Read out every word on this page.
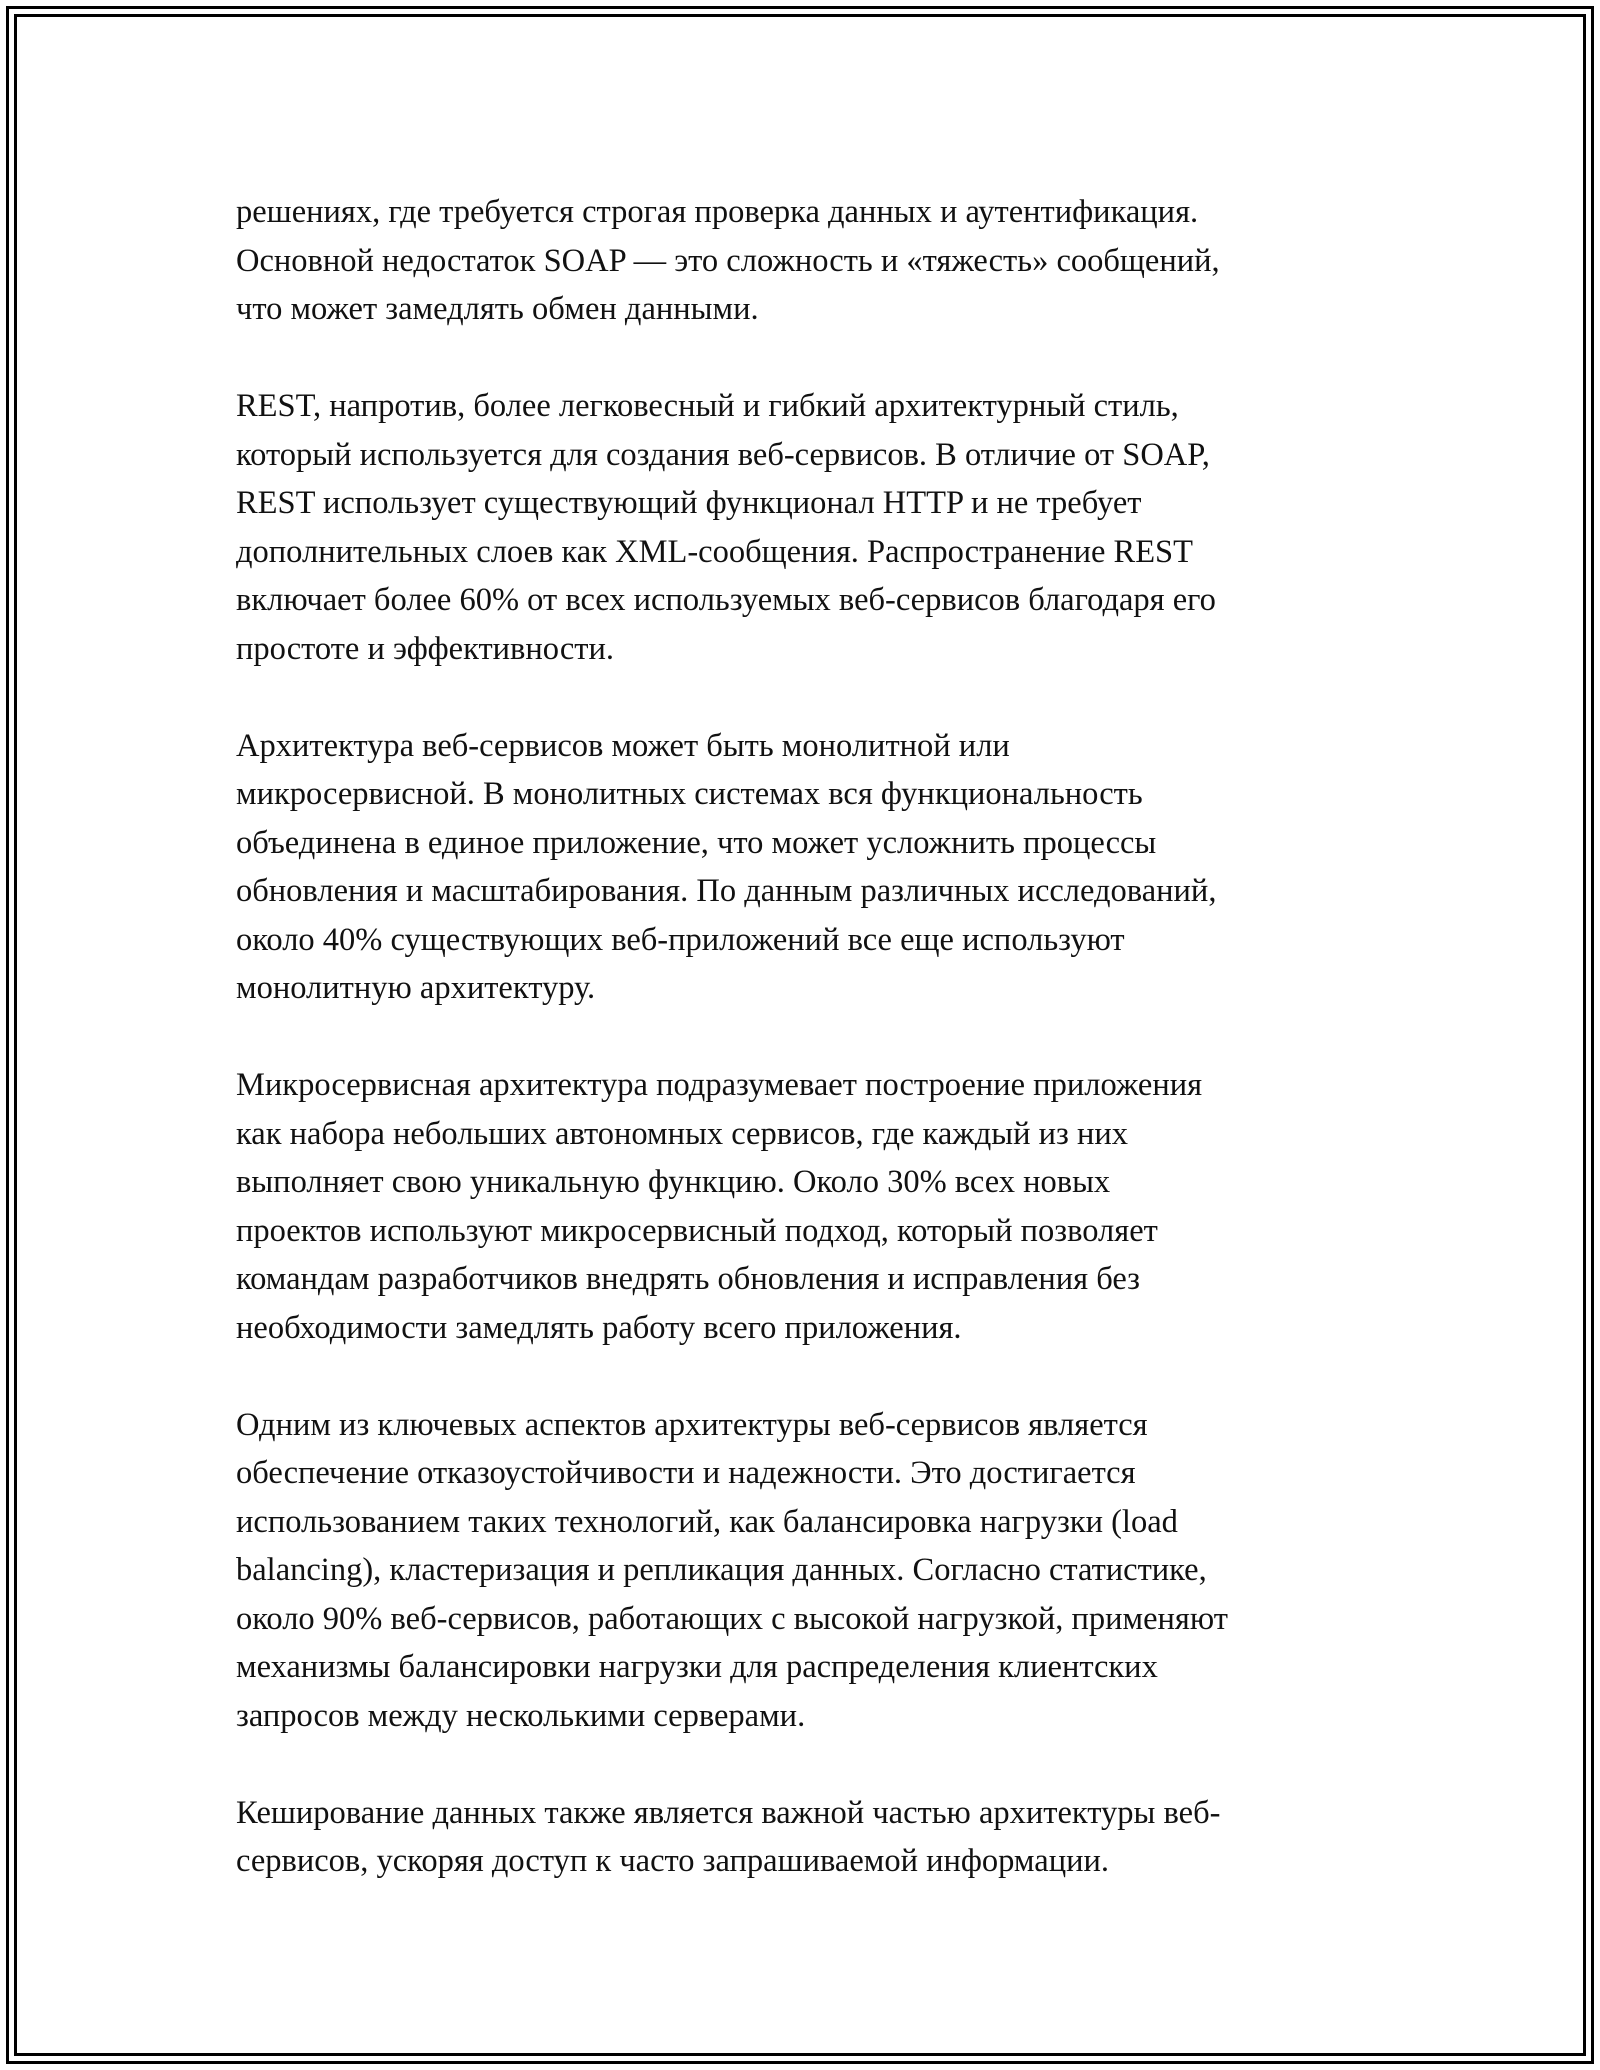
решениях, где требуется строгая проверка данных и аутентификация.
Основной недостаток SOAP — это сложность и «тяжесть» сообщений,
что может замедлять обмен данными.

REST, напротив, более легковесный и гибкий архитектурный стиль,
который используется для создания веб-сервисов. В отличие от SOAP,
REST использует существующий функционал HTTP и не требует
дополнительных слоев как XML-сообщения. Распространение REST
включает более 60% от всех используемых веб-сервисов благодаря его
простоте и эффективности.

Архитектура веб-сервисов может быть монолитной или
микросервисной. В монолитных системах вся функциональность
объединена в единое приложение, что может усложнить процессы
обновления и масштабирования. По данным различных исследований,
около 40% существующих веб-приложений все еще используют
монолитную архитектуру.

Микросервисная архитектура подразумевает построение приложения
как набора небольших автономных сервисов, где каждый из них
выполняет свою уникальную функцию. Около 30% всех новых
проектов используют микросервисный подход, который позволяет
командам разработчиков внедрять обновления и исправления без
необходимости замедлять работу всего приложения.

Одним из ключевых аспектов архитектуры веб-сервисов является
обеспечение отказоустойчивости и надежности. Это достигается
использованием таких технологий, как балансировка нагрузки (load
balancing), кластеризация и репликация данных. Согласно статистике,
около 90% веб-сервисов, работающих с высокой нагрузкой, применяют
механизмы балансировки нагрузки для распределения клиентских
запросов между несколькими серверами.

Кеширование данных также является важной частью архитектуры веб-
сервисов, ускоряя доступ к часто запрашиваемой информации.
